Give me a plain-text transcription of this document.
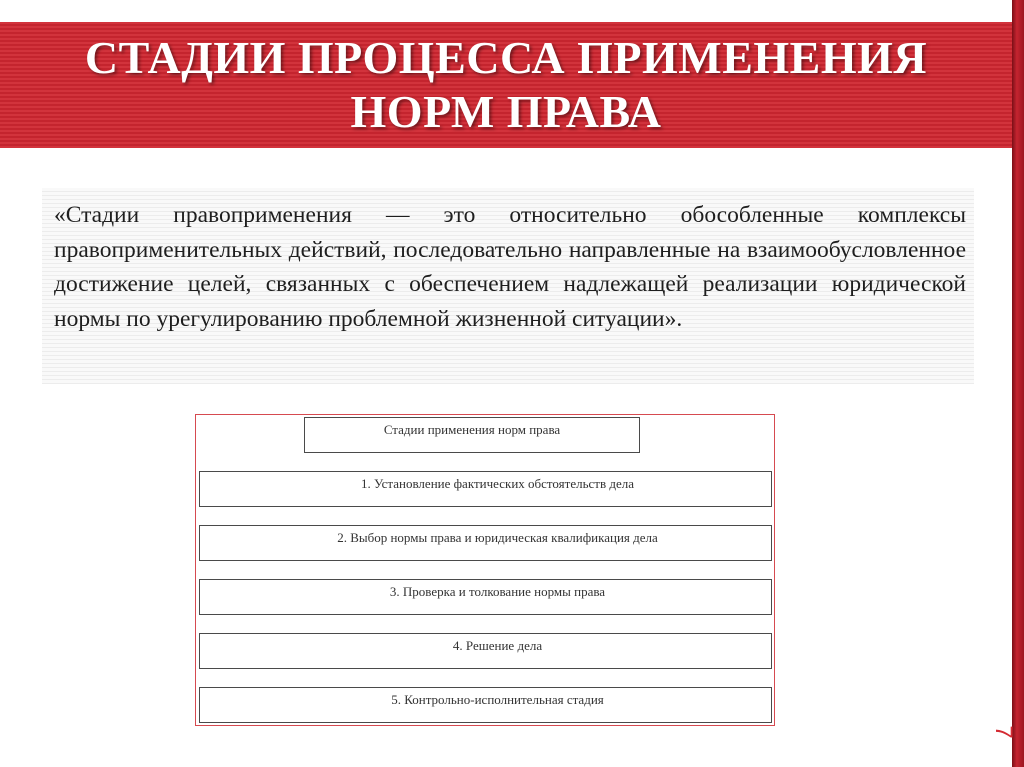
СТАДИИ ПРОЦЕССА ПРИМЕНЕНИЯ НОРМ ПРАВА

«Стадии правоприменения — это относительно обособленные комплексы правоприменительных действий, последовательно направленные на взаимообусловленное достижение целей, связанных с обеспечением надлежащей реализации юридической нормы по урегулированию проблемной жизненной ситуации».

Стадии применения норм права
1. Установление фактических обстоятельств дела
2. Выбор нормы права и юридическая квалификация дела
3. Проверка и толкование нормы права
4. Решение дела
5. Контрольно-исполнительная стадия
7
